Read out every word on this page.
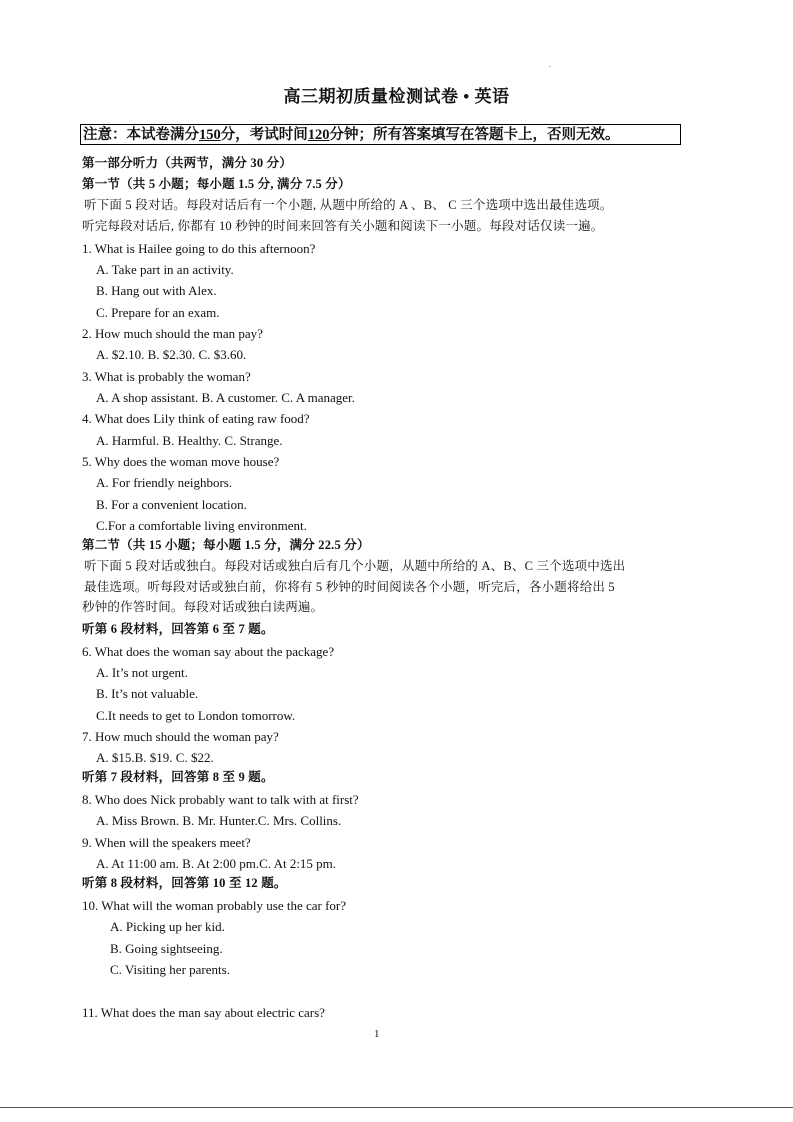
.
高三期初质量检测试卷 • 英语
注意：本试卷满分150分，考试时间120分钟；所有答案填写在答题卡上，否则无效。
第一部分听力（共两节，满分 30 分）
第一节（共 5 小题；每小题 1.5 分, 满分 7.5 分）
听下面 5 段对话。每段对话后有一个小题, 从题中所给的 A 、B、 C 三个选项中选出最佳选项。
听完每段对话后, 你都有 10 秒钟的时间来回答有关小题和阅读下一小题。每段对话仅读一遍。
1. What is Hailee going to do this afternoon?
A. Take part in an activity.
B. Hang out with Alex.
C. Prepare for an exam.
2. How much should the man pay?
A. $2.10. B. $2.30. C. $3.60.
3. What is probably the woman?
A. A shop assistant. B. A customer. C. A manager.
4. What does Lily think of eating raw food?
A. Harmful. B. Healthy. C. Strange.
5. Why does the woman move house?
A. For friendly neighbors.
B. For a convenient location.
C.For a comfortable living environment.
第二节（共 15 小题；每小题 1.5 分，满分 22.5 分）
听下面 5 段对话或独白。每段对话或独白后有几个小题，从题中所给的 A、B、C 三个选项中选出
最佳选项。听每段对话或独白前，你将有 5 秒钟的时间阅读各个小题，听完后，各小题将给出 5
秒钟的作答时间。每段对话或独白读两遍。
听第 6 段材料，回答第 6 至 7 题。
6. What does the woman say about the package?
A. It’s not urgent.
B. It’s not valuable.
C.It needs to get to London tomorrow.
7. How much should the woman pay?
A. $15.B. $19. C. $22.
听第 7 段材料，回答第 8 至 9 题。
8. Who does Nick probably want to talk with at first?
A. Miss Brown. B. Mr. Hunter.C. Mrs. Collins.
9. When will the speakers meet?
A. At 11:00 am. B. At 2:00 pm.C. At 2:15 pm.
听第 8 段材料，回答第 10 至 12 题。
10. What will the woman probably use the car for?
A. Picking up her kid.
B. Going sightseeing.
C. Visiting her parents.
11. What does the man say about electric cars?
1
